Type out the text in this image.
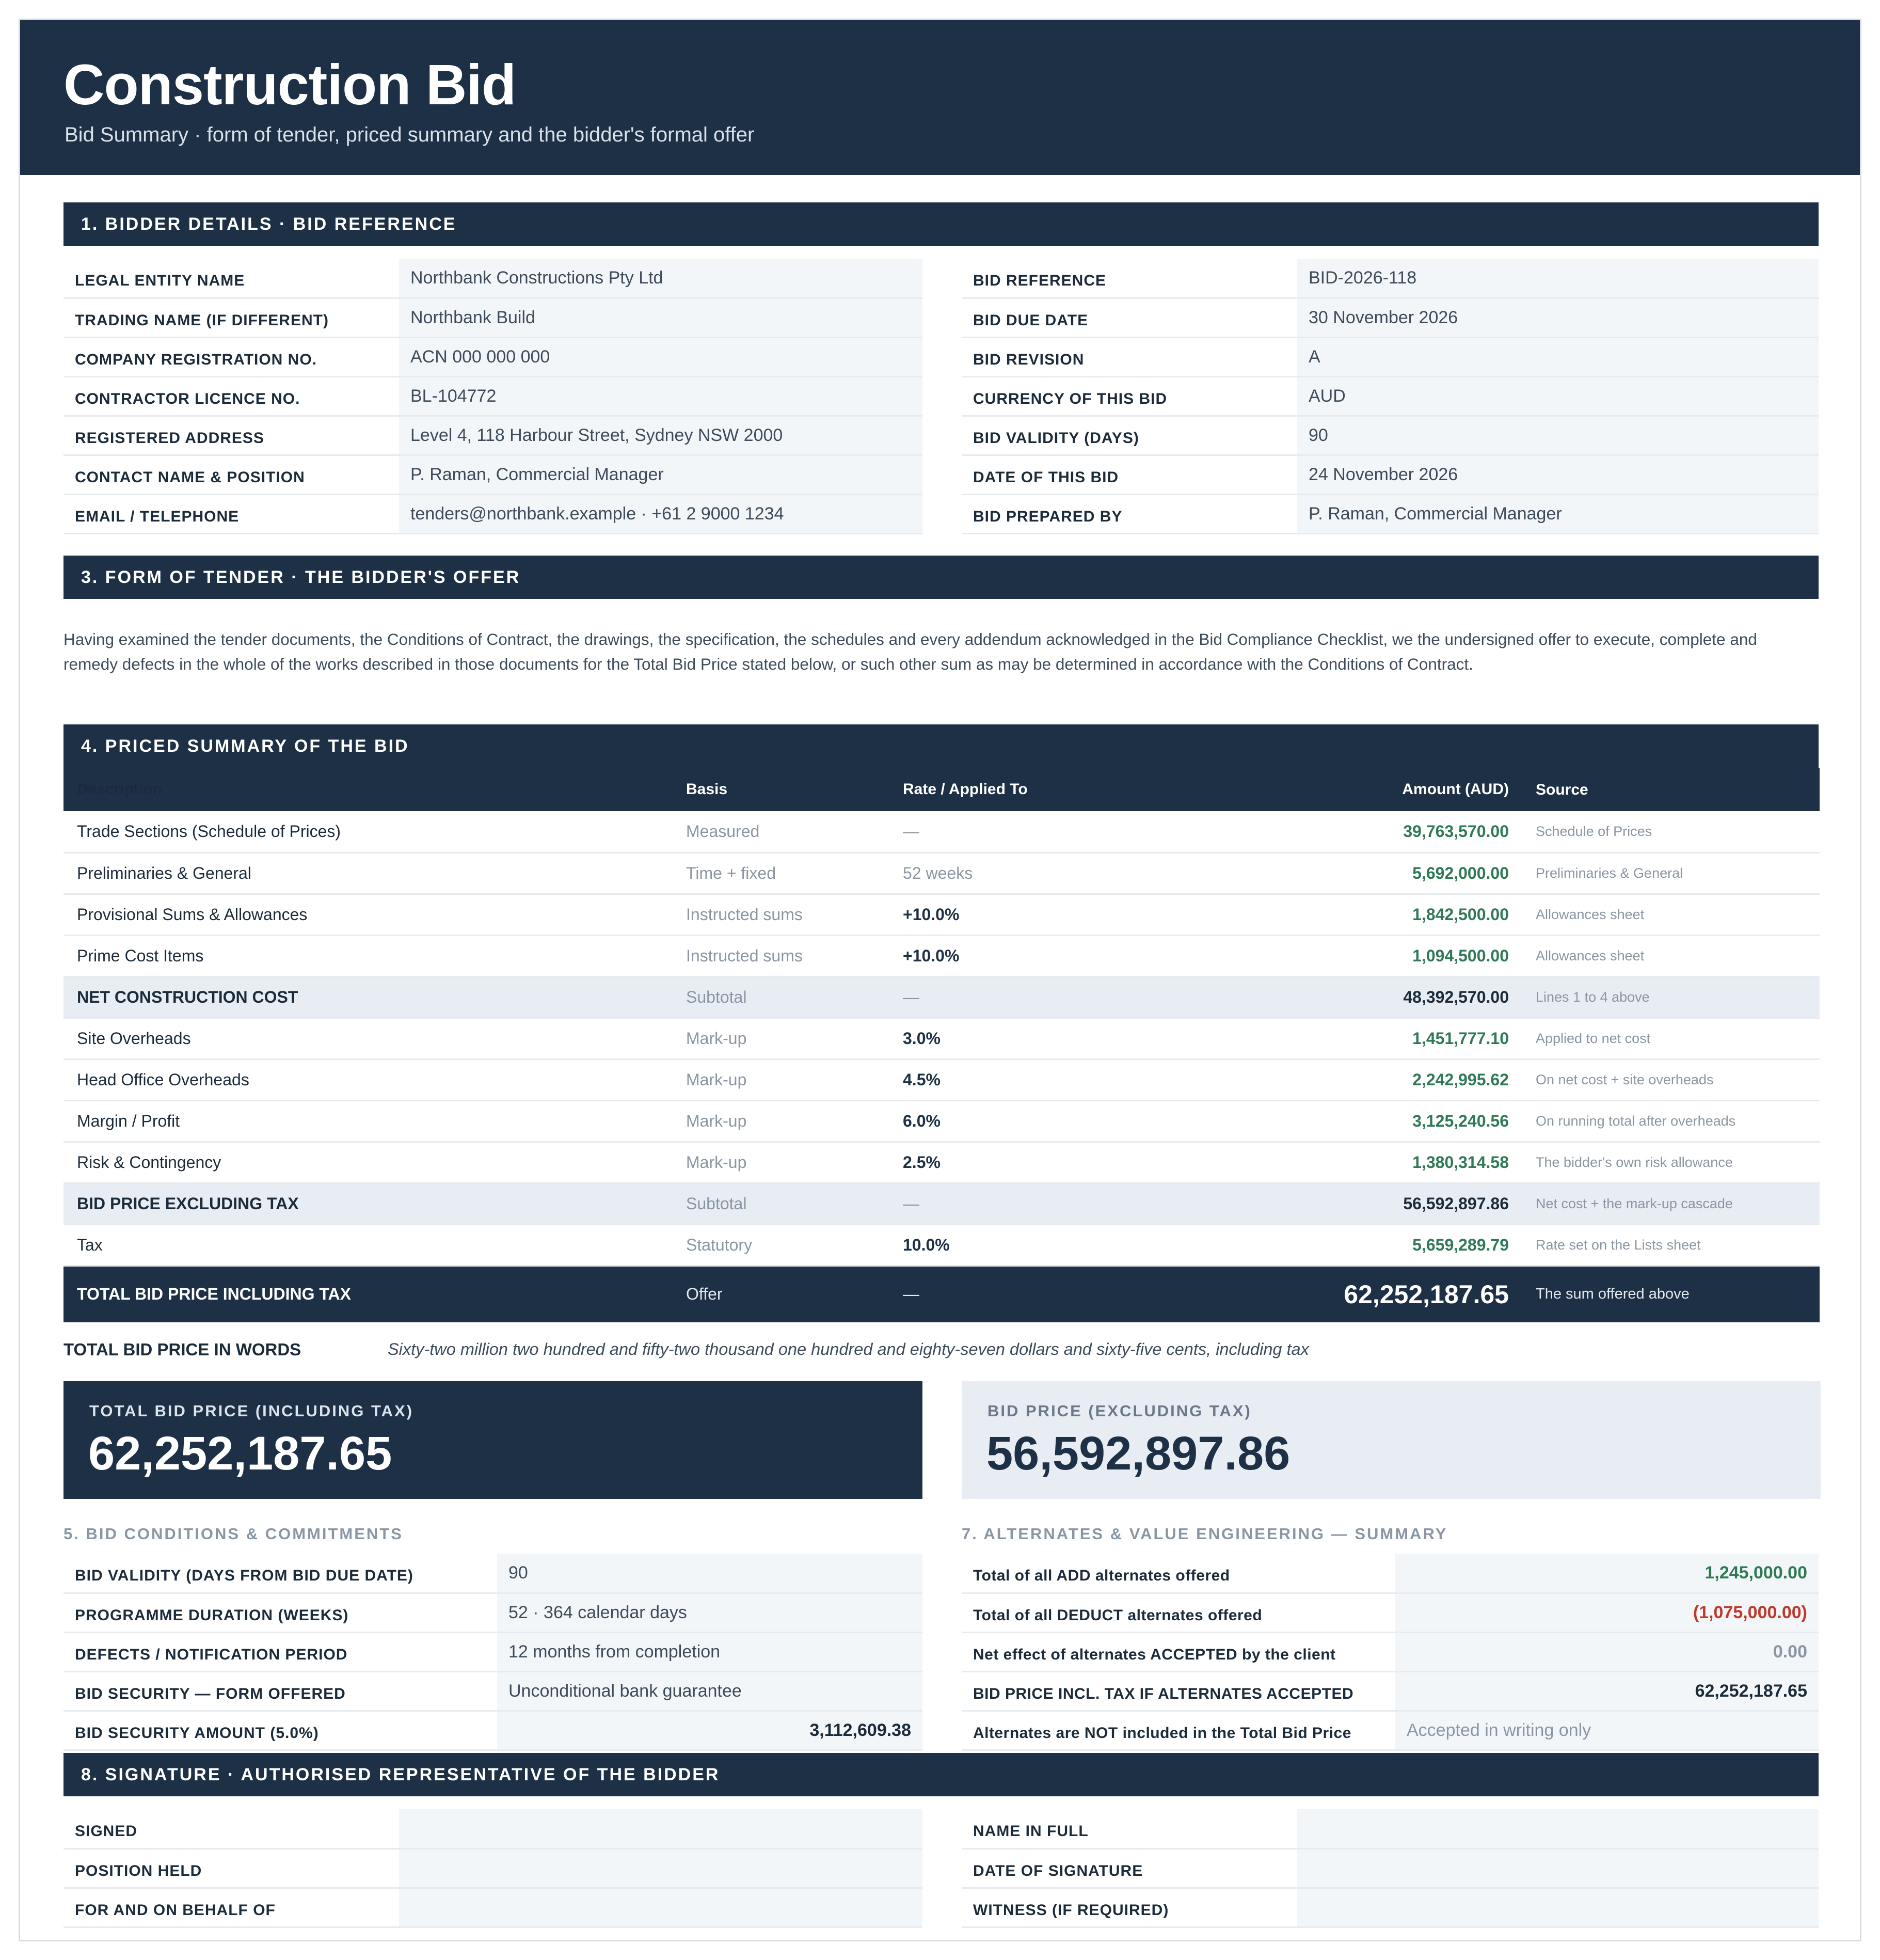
Construction Bid
Bid Summary · form of tender, priced summary and the bidder's formal offer
1. BIDDER DETAILS · BID REFERENCE
LEGAL ENTITY NAME	Northbank Constructions Pty Ltd
TRADING NAME (IF DIFFERENT)	Northbank Build
COMPANY REGISTRATION NO.	ACN 000 000 000
CONTRACTOR LICENCE NO.	BL-104772
REGISTERED ADDRESS	Level 4, 118 Harbour Street, Sydney NSW 2000
CONTACT NAME & POSITION	P. Raman, Commercial Manager
EMAIL / TELEPHONE	tenders@northbank.example · +61 2 9000 1234
BID REFERENCE	BID-2026-118
BID DUE DATE	30 November 2026
BID REVISION	A
CURRENCY OF THIS BID	AUD
BID VALIDITY (DAYS)	90
DATE OF THIS BID	24 November 2026
BID PREPARED BY	P. Raman, Commercial Manager
3. FORM OF TENDER · THE BIDDER'S OFFER
Having examined the tender documents, the Conditions of Contract, the drawings, the specification, the schedules and every addendum acknowledged in the Bid Compliance Checklist, we the undersigned offer to execute, complete and remedy defects in the whole of the works described in those documents for the Total Bid Price stated below, or such other sum as may be determined in accordance with the Conditions of Contract.
4. PRICED SUMMARY OF THE BID
Description	Basis	Rate / Applied To	Amount (AUD)	Source
Trade Sections (Schedule of Prices)	Measured	—	39,763,570.00	Schedule of Prices
Preliminaries & General	Time + fixed	52 weeks	5,692,000.00	Preliminaries & General
Provisional Sums & Allowances	Instructed sums	+10.0%	1,842,500.00	Allowances sheet
Prime Cost Items	Instructed sums	+10.0%	1,094,500.00	Allowances sheet
NET CONSTRUCTION COST	Subtotal	—	48,392,570.00	Lines 1 to 4 above
Site Overheads	Mark-up	3.0%	1,451,777.10	Applied to net cost
Head Office Overheads	Mark-up	4.5%	2,242,995.62	On net cost + site overheads
Margin / Profit	Mark-up	6.0%	3,125,240.56	On running total after overheads
Risk & Contingency	Mark-up	2.5%	1,380,314.58	The bidder's own risk allowance
BID PRICE EXCLUDING TAX	Subtotal	—	56,592,897.86	Net cost + the mark-up cascade
Tax	Statutory	10.0%	5,659,289.79	Rate set on the Lists sheet
TOTAL BID PRICE INCLUDING TAX	Offer	—	62,252,187.65	The sum offered above
TOTAL BID PRICE IN WORDS	Sixty-two million two hundred and fifty-two thousand one hundred and eighty-seven dollars and sixty-five cents, including tax
TOTAL BID PRICE (INCLUDING TAX)
62,252,187.65
BID PRICE (EXCLUDING TAX)
56,592,897.86
5. BID CONDITIONS & COMMITMENTS
BID VALIDITY (DAYS FROM BID DUE DATE)	90
PROGRAMME DURATION (WEEKS)	52 · 364 calendar days
DEFECTS / NOTIFICATION PERIOD	12 months from completion
BID SECURITY — FORM OFFERED	Unconditional bank guarantee
BID SECURITY AMOUNT (5.0%)	3,112,609.38
7. ALTERNATES & VALUE ENGINEERING — SUMMARY
Total of all ADD alternates offered	1,245,000.00
Total of all DEDUCT alternates offered	(1,075,000.00)
Net effect of alternates ACCEPTED by the client	0.00
BID PRICE INCL. TAX IF ALTERNATES ACCEPTED	62,252,187.65
Alternates are NOT included in the Total Bid Price	Accepted in writing only
8. SIGNATURE · AUTHORISED REPRESENTATIVE OF THE BIDDER
SIGNED	
POSITION HELD	
FOR AND ON BEHALF OF	
NAME IN FULL	
DATE OF SIGNATURE	
WITNESS (IF REQUIRED)	
